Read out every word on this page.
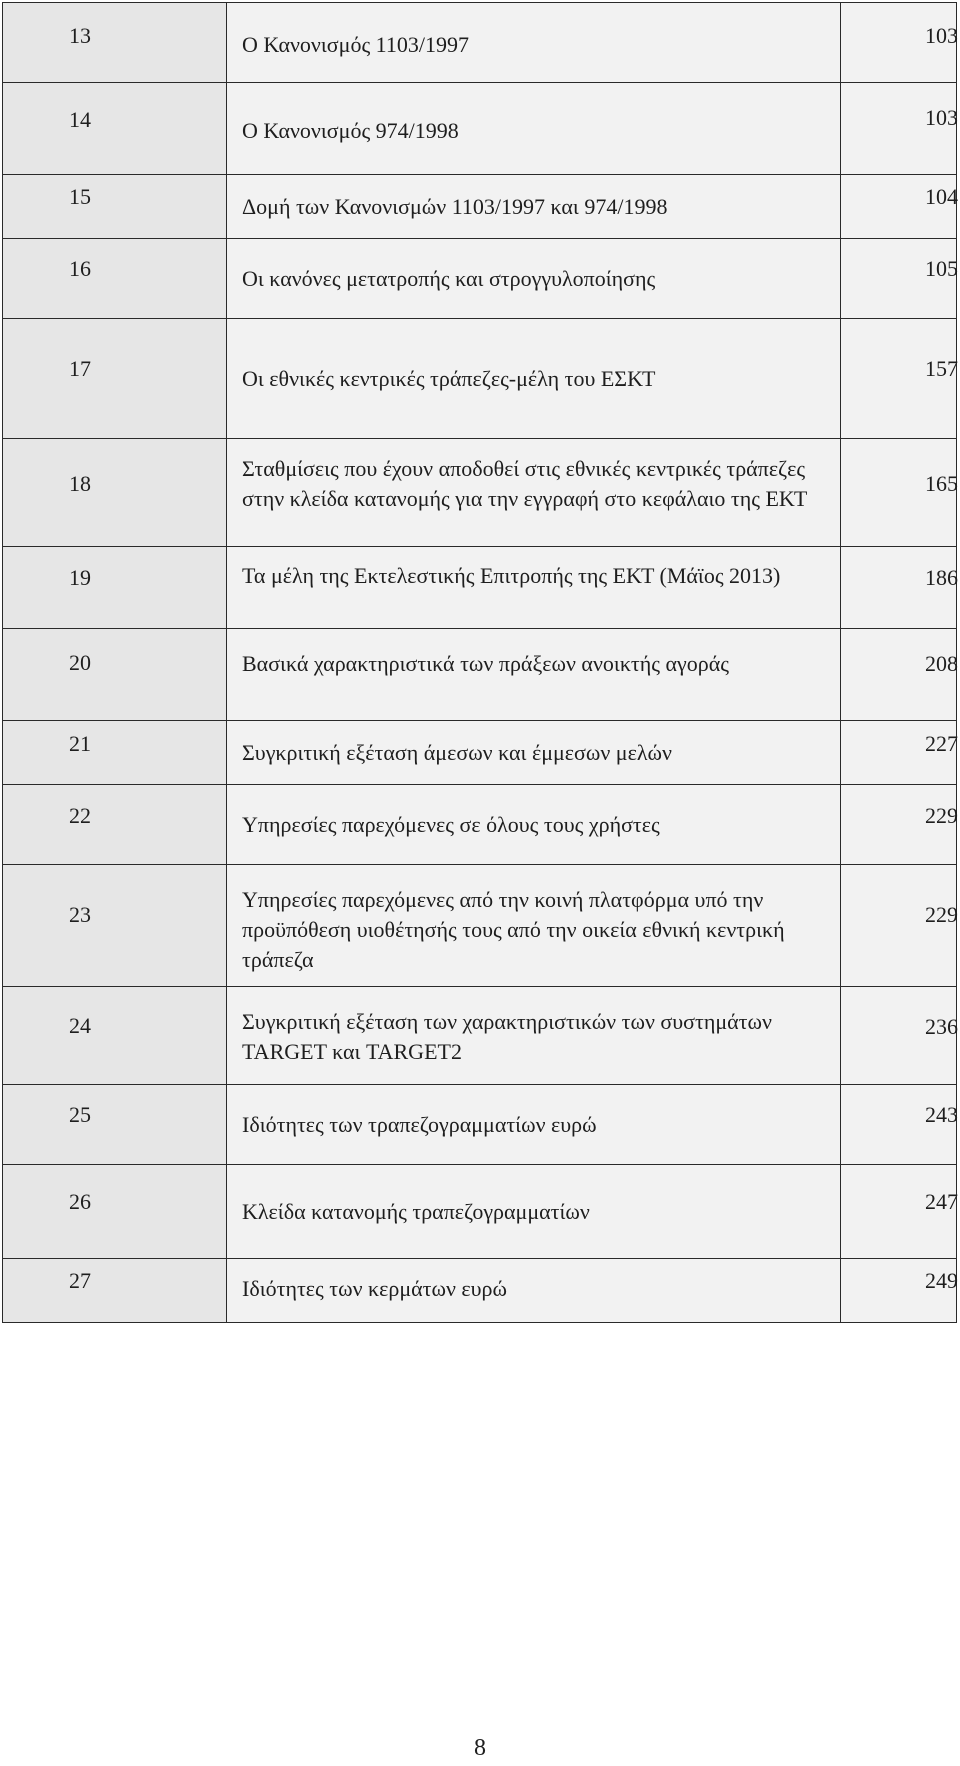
13	Ο Κανονισμός 1103/1997	103

14	Ο Κανονισμός 974/1998	103

15	Δομή των Κανονισμών 1103/1997 και 974/1998	104

16	Οι κανόνες μετατροπής και στρογγυλοποίησης	105

17	Οι εθνικές κεντρικές τράπεζες-μέλη του ΕΣΚΤ	157

18	Σταθμίσεις που έχουν αποδοθεί στις εθνικές κεντρικές τράπεζες στην κλείδα κατανομής για την εγγραφή στο κεφάλαιο της ΕΚΤ	165

19	Τα μέλη της Εκτελεστικής Επιτροπής της ΕΚΤ (Μάϊος 2013)	186

20	Βασικά χαρακτηριστικά των πράξεων ανοικτής αγοράς	208

21	Συγκριτική εξέταση άμεσων και έμμεσων μελών	227

22	Υπηρεσίες παρεχόμενες σε όλους τους χρήστες	229

23	Υπηρεσίες παρεχόμενες από την κοινή πλατφόρμα υπό την προϋπόθεση υιοθέτησής τους από την οικεία εθνική κεντρική τράπεζα	229

24	Συγκριτική εξέταση των χαρακτηριστικών των συστημάτων TARGET και TARGET2	236

25	Ιδιότητες των τραπεζογραμματίων ευρώ	243

26	Κλείδα κατανομής τραπεζογραμματίων	247

27	Ιδιότητες των κερμάτων ευρώ	249
8
